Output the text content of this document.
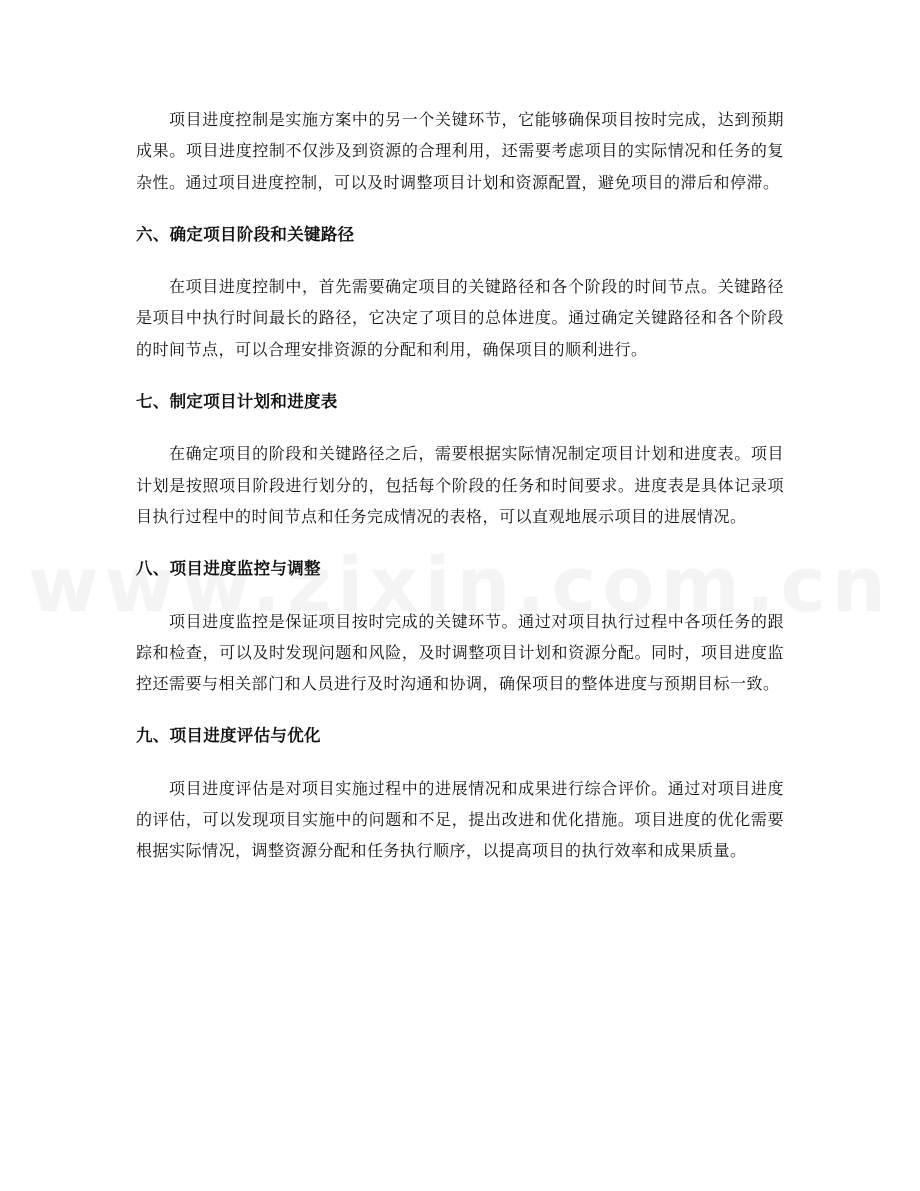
项目进度控制是实施方案中的另一个关键环节，它能够确保项目按时完成，达到预期成果。项目进度控制不仅涉及到资源的合理利用，还需要考虑项目的实际情况和任务的复杂性。通过项目进度控制，可以及时调整项目计划和资源配置，避免项目的滞后和停滞。

六、确定项目阶段和关键路径

在项目进度控制中，首先需要确定项目的关键路径和各个阶段的时间节点。关键路径是项目中执行时间最长的路径，它决定了项目的总体进度。通过确定关键路径和各个阶段的时间节点，可以合理安排资源的分配和利用，确保项目的顺利进行。

七、制定项目计划和进度表

在确定项目的阶段和关键路径之后，需要根据实际情况制定项目计划和进度表。项目计划是按照项目阶段进行划分的，包括每个阶段的任务和时间要求。进度表是具体记录项目执行过程中的时间节点和任务完成情况的表格，可以直观地展示项目的进展情况。

八、项目进度监控与调整

项目进度监控是保证项目按时完成的关键环节。通过对项目执行过程中各项任务的跟踪和检查，可以及时发现问题和风险，及时调整项目计划和资源分配。同时，项目进度监控还需要与相关部门和人员进行及时沟通和协调，确保项目的整体进度与预期目标一致。

九、项目进度评估与优化

项目进度评估是对项目实施过程中的进展情况和成果进行综合评价。通过对项目进度的评估，可以发现项目实施中的问题和不足，提出改进和优化措施。项目进度的优化需要根据实际情况，调整资源分配和任务执行顺序，以提高项目的执行效率和成果质量。
